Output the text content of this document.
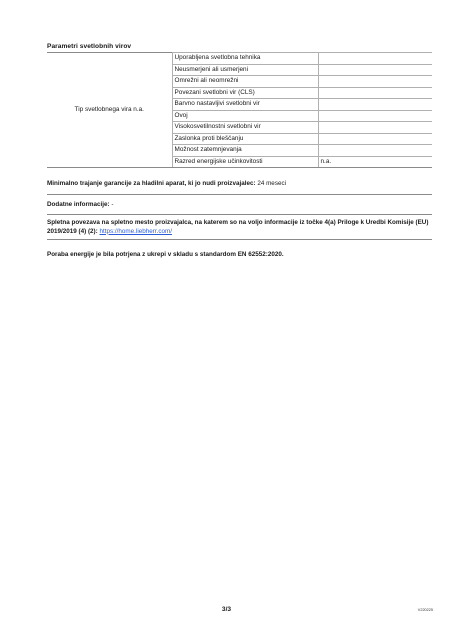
Parametri svetlobnih virov
Tip svetlobnega vira n.a.	Uporabljena svetlobna tehnika	
	Neusmerjeni ali usmerjeni	
	Omrežni ali neomrežni	
	Povezani svetlobni vir (CLS)	
	Barvno nastavljivi svetlobni vir	
	Ovoj	
	Visokosvetilnostni svetlobni vir	
	Zaslonka proti bleščanju	
	Možnost zatemnjevanja	
	Razred energijske učinkovitosti	n.a.
Minimalno trajanje garancije za hladilni aparat, ki jo nudi proizvajalec: 24 meseci
Dodatne informacije: -
Spletna povezava na spletno mesto proizvajalca, na katerem so na voljo informacije iz točke 4(a) Priloge k Uredbi Komisije (EU) 2019/2019 (4) (2): https://home.liebherr.com/
Poraba energije je bila potrjena z ukrepi v skladu s standardom EN 62552:2020.
3/3	V220225
